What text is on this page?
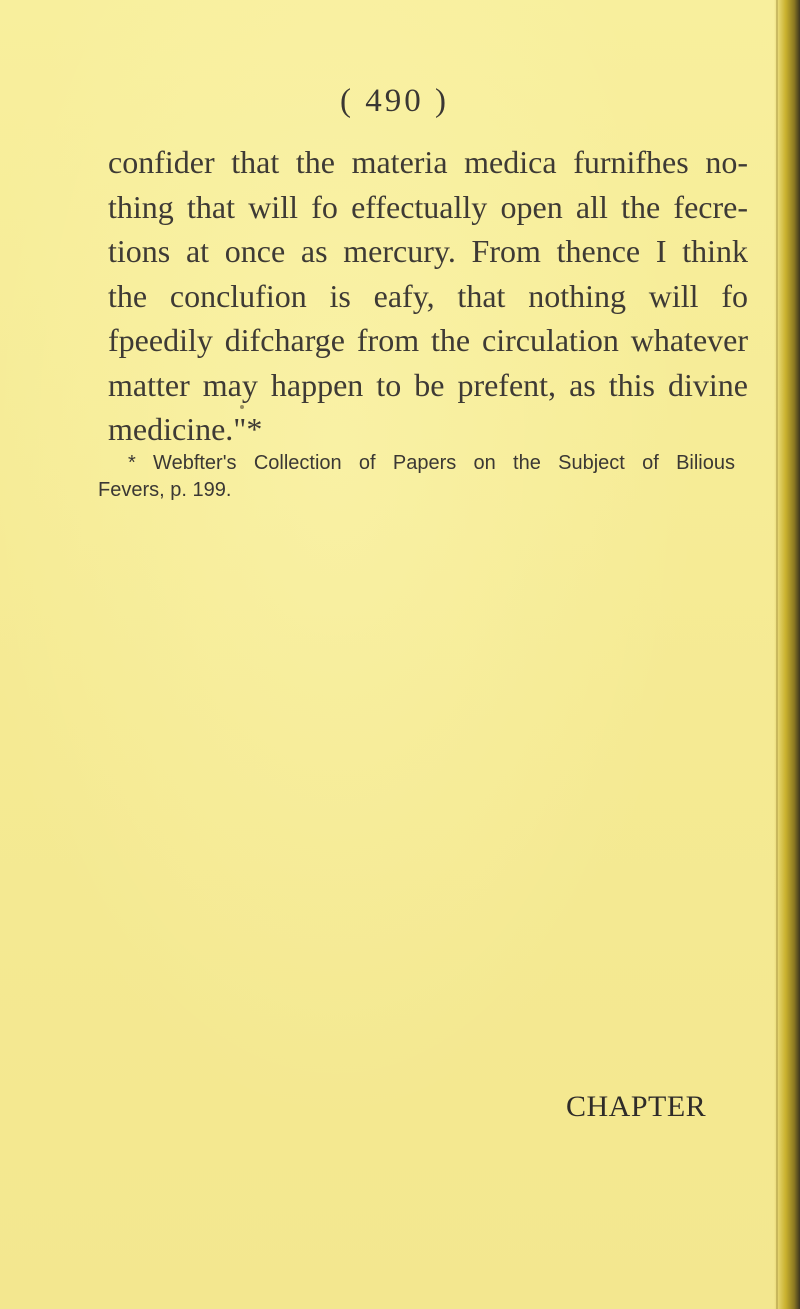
( 490 )
confider that the materia medica furnifhes no-
thing that will fo effectually open all the fecre-
tions at once as mercury. From thence I think
the conclufion is eafy, that nothing will fo
fpeedily difcharge from the circulation whatever
matter may happen to be prefent, as this divine
medicine."*
* Webfter's Collection of Papers on the Subject of Bilious
Fevers, p. 199.
CHAPTER
